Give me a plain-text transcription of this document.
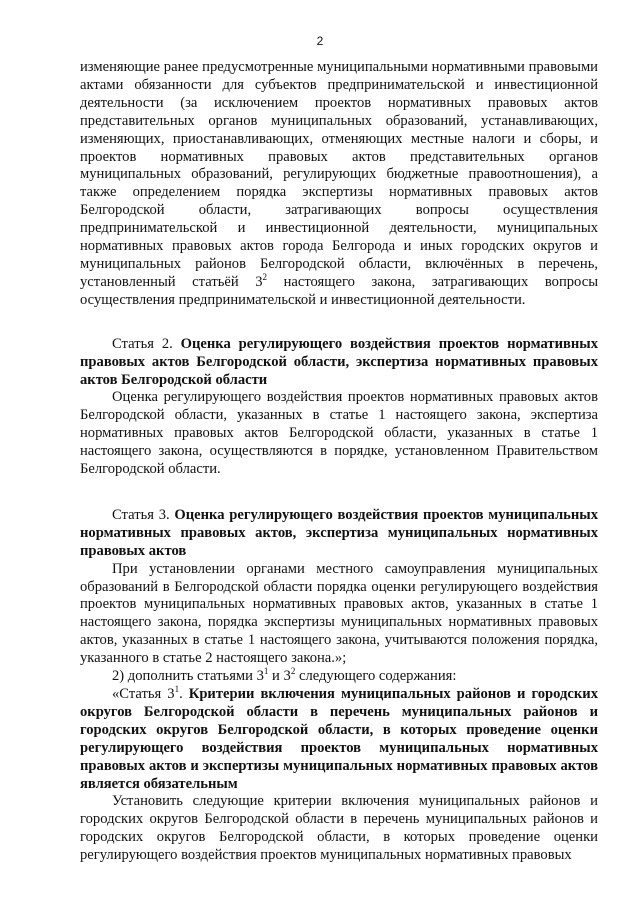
2

изменяющие ранее предусмотренные муниципальными нормативными правовыми актами обязанности для субъектов предпринимательской и инвестиционной деятельности (за исключением проектов нормативных правовых актов представительных органов муниципальных образований, устанавливающих, изменяющих, приостанавливающих, отменяющих местные налоги и сборы, и проектов нормативных правовых актов представительных органов муниципальных образований, регулирующих бюджетные правоотношения), а также определением порядка экспертизы нормативных правовых актов Белгородской области, затрагивающих вопросы осуществления предпринимательской и инвестиционной деятельности, муниципальных нормативных правовых актов города Белгорода и иных городских округов и муниципальных районов Белгородской области, включённых в перечень, установленный статьёй $3^2$ настоящего закона, затрагивающих вопросы осуществления предпринимательской и инвестиционной деятельности.

Статья 2. Оценка регулирующего воздействия проектов нормативных правовых актов Белгородской области, экспертиза нормативных правовых актов Белгородской области

Оценка регулирующего воздействия проектов нормативных правовых актов Белгородской области, указанных в статье 1 настоящего закона, экспертиза нормативных правовых актов Белгородской области, указанных в статье 1 настоящего закона, осуществляются в порядке, установленном Правительством Белгородской области.

Статья 3. Оценка регулирующего воздействия проектов муниципальных нормативных правовых актов, экспертиза муниципальных нормативных правовых актов

При установлении органами местного самоуправления муниципальных образований в Белгородской области порядка оценки регулирующего воздействия проектов муниципальных нормативных правовых актов, указанных в статье 1 настоящего закона, порядка экспертизы муниципальных нормативных правовых актов, указанных в статье 1 настоящего закона, учитываются положения порядка, указанного в статье 2 настоящего закона.»;

2) дополнить статьями $3^1$ и $3^2$ следующего содержания:

«Статья $3^1$. Критерии включения муниципальных районов и городских округов Белгородской области в перечень муниципальных районов и городских округов Белгородской области, в которых проведение оценки регулирующего воздействия проектов муниципальных нормативных правовых актов и экспертизы муниципальных нормативных правовых актов является обязательным

Установить следующие критерии включения муниципальных районов и городских округов Белгородской области в перечень муниципальных районов и городских округов Белгородской области, в которых проведение оценки регулирующего воздействия проектов муниципальных нормативных правовых
